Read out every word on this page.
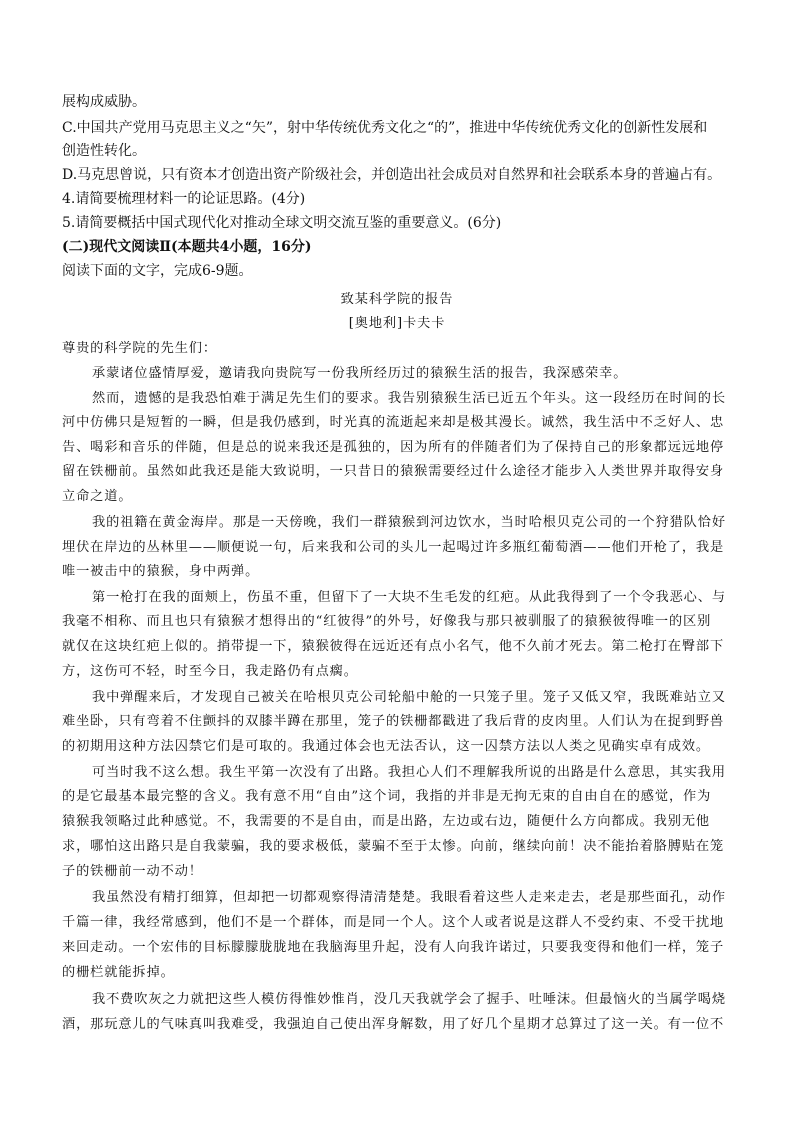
展构成威胁。
C.中国共产党用马克思主义之“矢”，射中华传统优秀文化之“的”，推进中华传统优秀文化的创新性发展和
创造性转化。
D.马克思曾说，只有资本才创造出资产阶级社会，并创造出社会成员对自然界和社会联系本身的普遍占有。
4.请简要梳理材料一的论证思路。(4分)
5.请简要概括中国式现代化对推动全球文明交流互鉴的重要意义。(6分)
(二)现代文阅读Ⅱ(本题共4小题，16分)
阅读下面的文字，完成6-9题。
致某科学院的报告
[奥地利]卡夫卡
尊贵的科学院的先生们：
承蒙诸位盛情厚爱，邀请我向贵院写一份我所经历过的猿猴生活的报告，我深感荣幸。
然而，遗憾的是我恐怕难于满足先生们的要求。我告别猿猴生活已近五个年头。这一段经历在时间的长
河中仿佛只是短暂的一瞬，但是我仍感到，时光真的流逝起来却是极其漫长。诚然，我生活中不乏好人、忠
告、喝彩和音乐的伴随，但是总的说来我还是孤独的，因为所有的伴随者们为了保持自己的形象都远远地停
留在铁栅前。虽然如此我还是能大致说明，一只昔日的猿猴需要经过什么途径才能步入人类世界并取得安身
立命之道。
我的祖籍在黄金海岸。那是一天傍晚，我们一群猿猴到河边饮水，当时哈根贝克公司的一个狩猎队恰好
埋伏在岸边的丛林里——顺便说一句，后来我和公司的头儿一起喝过许多瓶红葡萄酒——他们开枪了，我是
唯一被击中的猿猴，身中两弹。
第一枪打在我的面颊上，伤虽不重，但留下了一大块不生毛发的红疤。从此我得到了一个令我恶心、与
我毫不相称、而且也只有猿猴才想得出的“红彼得”的外号，好像我与那只被驯服了的猿猴彼得唯一的区别
就仅在这块红疤上似的。捎带提一下，猿猴彼得在远近还有点小名气，他不久前才死去。第二枪打在臀部下
方，这伤可不轻，时至今日，我走路仍有点瘸。
我中弹醒来后，才发现自己被关在哈根贝克公司轮船中舱的一只笼子里。笼子又低又窄，我既难站立又
难坐卧，只有弯着不住颤抖的双膝半蹲在那里，笼子的铁栅都戳进了我后背的皮肉里。人们认为在捉到野兽
的初期用这种方法囚禁它们是可取的。我通过体会也无法否认，这一囚禁方法以人类之见确实卓有成效。
可当时我不这么想。我生平第一次没有了出路。我担心人们不理解我所说的出路是什么意思，其实我用
的是它最基本最完整的含义。我有意不用“自由”这个词，我指的并非是无拘无束的自由自在的感觉，作为
猿猴我领略过此种感觉。不，我需要的不是自由，而是出路，左边或右边，随便什么方向都成。我别无他
求，哪怕这出路只是自我蒙骗，我的要求极低，蒙骗不至于太惨。向前，继续向前！决不能抬着胳膊贴在笼
子的铁栅前一动不动！
我虽然没有精打细算，但却把一切都观察得清清楚楚。我眼看着这些人走来走去，老是那些面孔，动作
千篇一律，我经常感到，他们不是一个群体，而是同一个人。这个人或者说是这群人不受约束、不受干扰地
来回走动。一个宏伟的目标朦朦胧胧地在我脑海里升起，没有人向我许诺过，只要我变得和他们一样，笼子
的栅栏就能拆掉。
我不费吹灰之力就把这些人模仿得惟妙惟肖，没几天我就学会了握手、吐唾沫。但最恼火的当属学喝烧
酒，那玩意儿的气味真叫我难受，我强迫自己使出浑身解数，用了好几个星期才总算过了这一关。有一位不
